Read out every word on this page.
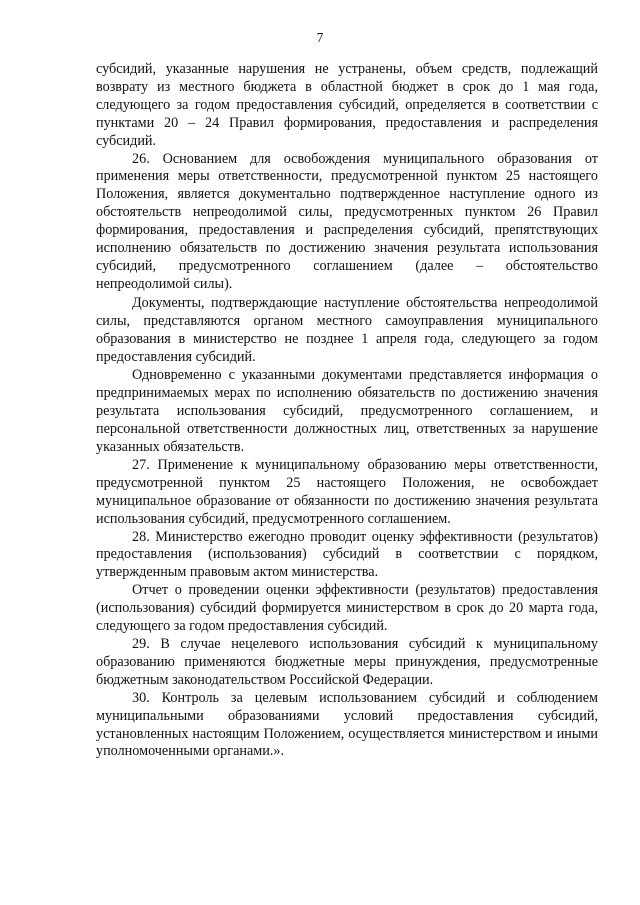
7

субсидий, указанные нарушения не устранены, объем средств, подлежащий возврату из местного бюджета в областной бюджет в срок до 1 мая года, следующего за годом предоставления субсидий, определяется в соответствии с пунктами 20 – 24 Правил формирования, предоставления и распределения субсидий.

26. Основанием для освобождения муниципального образования от применения меры ответственности, предусмотренной пунктом 25 настоящего Положения, является документально подтвержденное наступление одного из обстоятельств непреодолимой силы, предусмотренных пунктом 26 Правил формирования, предоставления и распределения субсидий, препятствующих исполнению обязательств по достижению значения результата использования субсидий, предусмотренного соглашением (далее – обстоятельство непреодолимой силы).

Документы, подтверждающие наступление обстоятельства непреодолимой силы, представляются органом местного самоуправления муниципального образования в министерство не позднее 1 апреля года, следующего за годом предоставления субсидий.

Одновременно с указанными документами представляется информация о предпринимаемых мерах по исполнению обязательств по достижению значения результата использования субсидий, предусмотренного соглашением, и персональной ответственности должностных лиц, ответственных за нарушение указанных обязательств.

27. Применение к муниципальному образованию меры ответственности, предусмотренной пунктом 25 настоящего Положения, не освобождает муниципальное образование от обязанности по достижению значения результата использования субсидий, предусмотренного соглашением.

28. Министерство ежегодно проводит оценку эффективности (результатов) предоставления (использования) субсидий в соответствии с порядком, утвержденным правовым актом министерства.

Отчет о проведении оценки эффективности (результатов) предоставления (использования) субсидий формируется министерством в срок до 20 марта года, следующего за годом предоставления субсидий.

29. В случае нецелевого использования субсидий к муниципальному образованию применяются бюджетные меры принуждения, предусмотренные бюджетным законодательством Российской Федерации.

30. Контроль за целевым использованием субсидий и соблюдением муниципальными образованиями условий предоставления субсидий, установленных настоящим Положением, осуществляется министерством и иными уполномоченными органами.».
